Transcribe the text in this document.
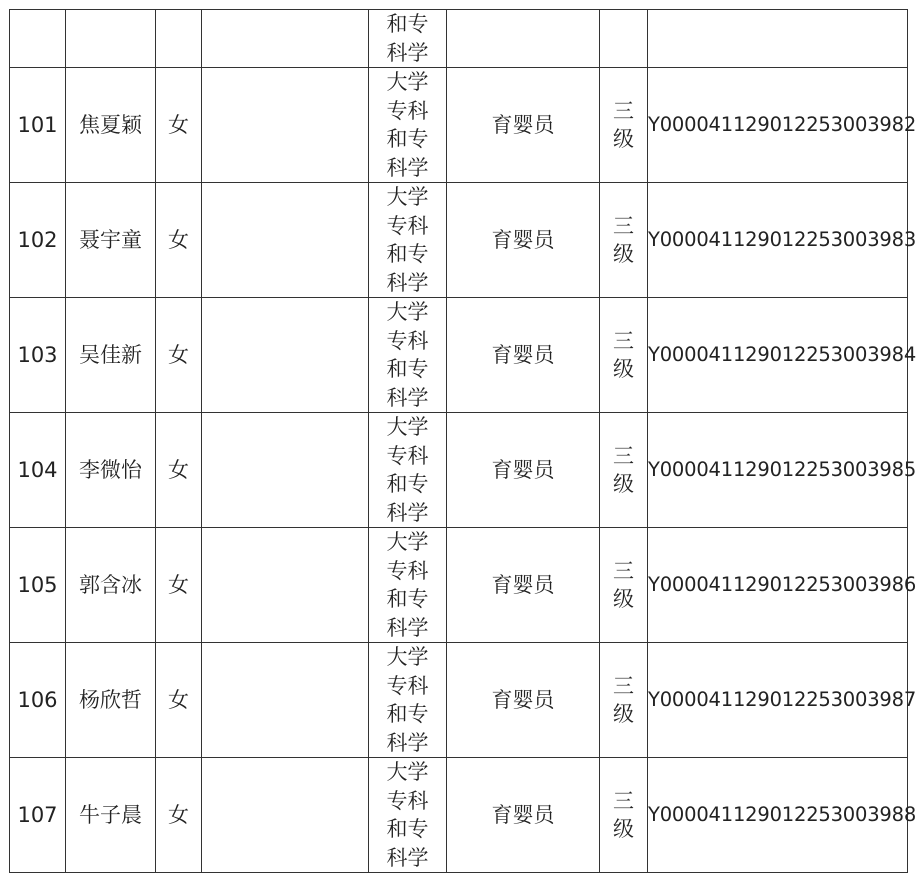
				和专科学			
101	焦夏颖	女		大学专科和专科学	育婴员	三级	Y000041129012253003982
102	聂宇童	女		大学专科和专科学	育婴员	三级	Y000041129012253003983
103	吴佳新	女		大学专科和专科学	育婴员	三级	Y000041129012253003984
104	李微怡	女		大学专科和专科学	育婴员	三级	Y000041129012253003985
105	郭含冰	女		大学专科和专科学	育婴员	三级	Y000041129012253003986
106	杨欣哲	女		大学专科和专科学	育婴员	三级	Y000041129012253003987
107	牛子晨	女		大学专科和专科学	育婴员	三级	Y000041129012253003988
